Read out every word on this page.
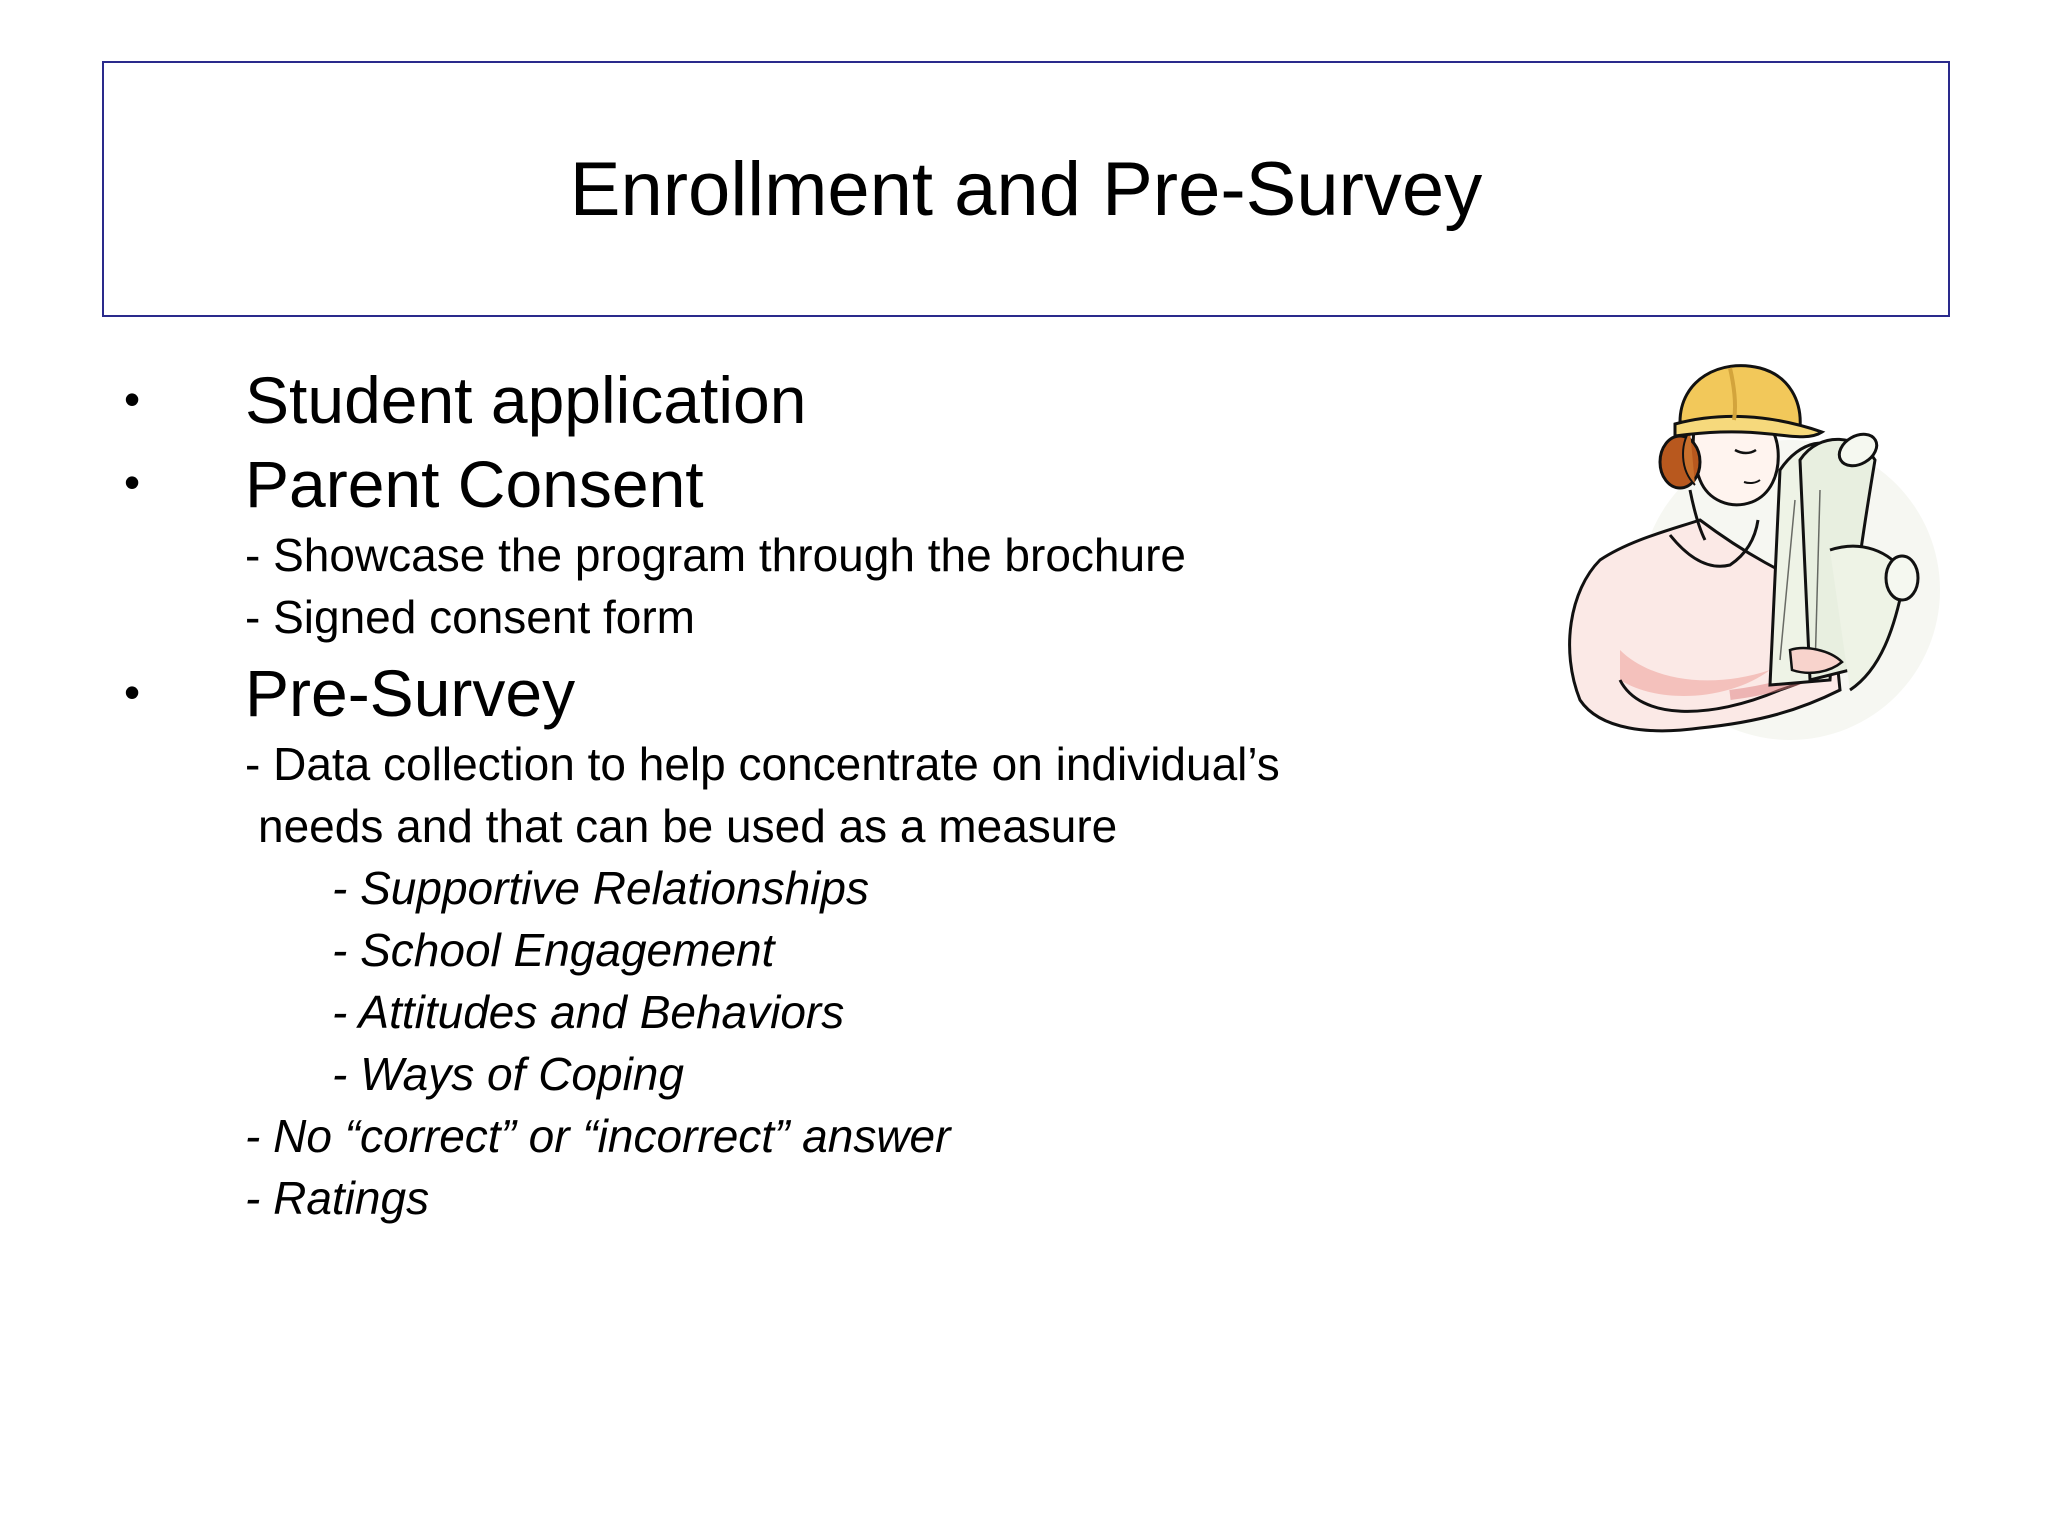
Enrollment and Pre-Survey
• Student application
• Parent Consent
- Showcase the program through the brochure
- Signed consent form
• Pre-Survey
- Data collection to help concentrate on individual’s
needs and that can be used as a measure
- Supportive Relationships
- School Engagement
- Attitudes and Behaviors
- Ways of Coping
- No “correct” or “incorrect” answer
- Ratings
